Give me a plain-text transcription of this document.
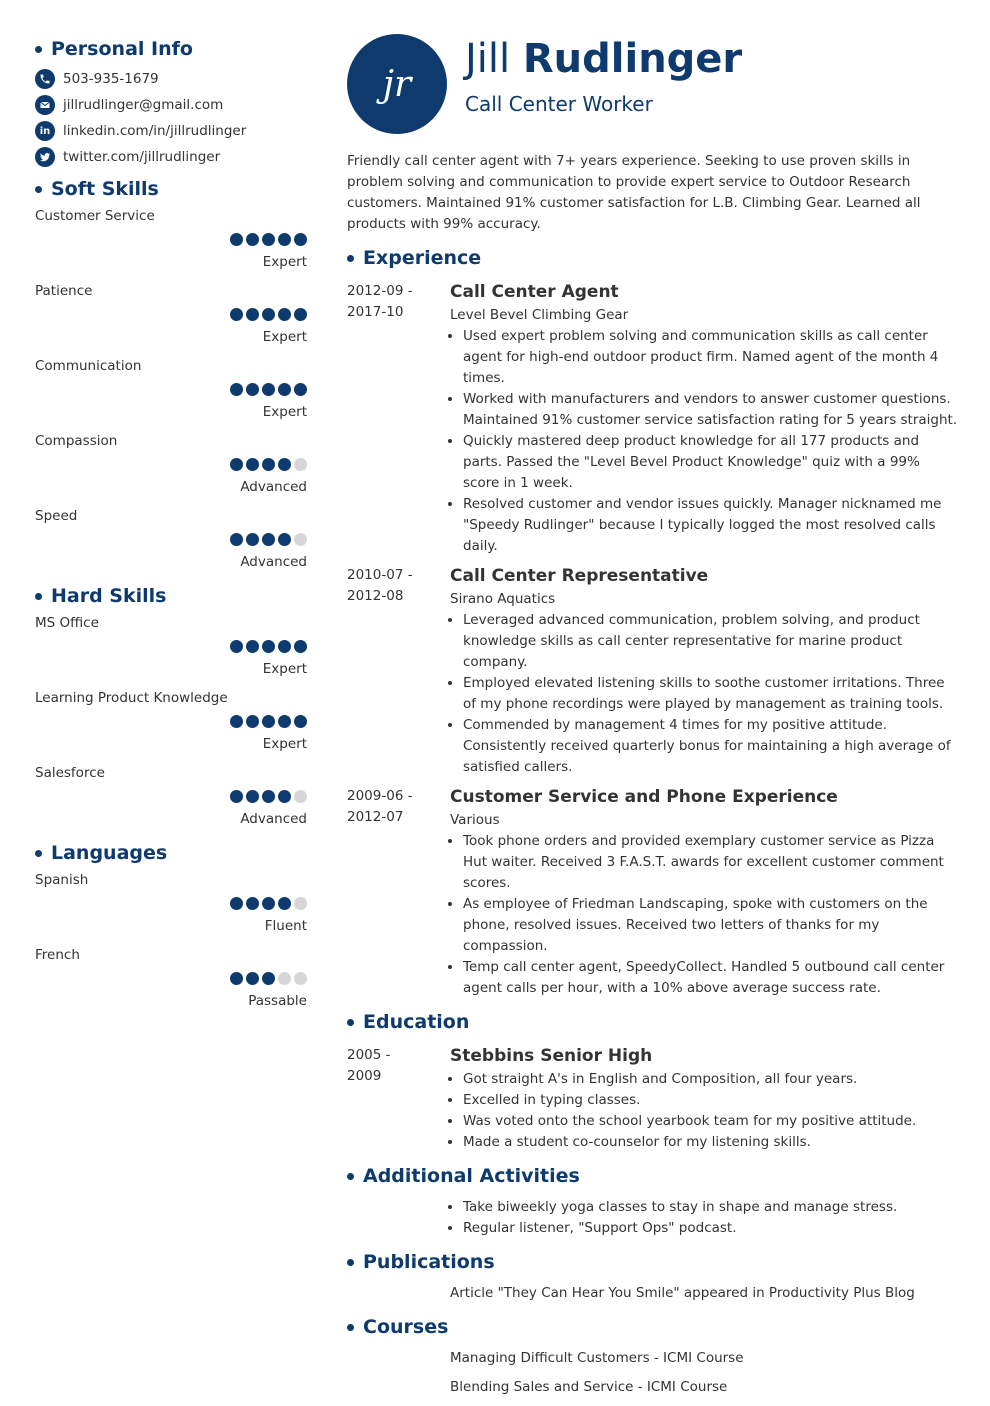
Personal Info
503-935-1679
jillrudlinger@gmail.com
in linkedin.com/in/jillrudlinger
twitter.com/jillrudlinger
Soft Skills
Customer Service
Expert
Patience
Expert
Communication
Expert
Compassion
Advanced
Speed
Advanced
Hard Skills
MS Office
Expert
Learning Product Knowledge
Expert
Salesforce
Advanced
Languages
Spanish
Fluent
French
Passable
jr
Jill Rudlinger
Call Center Worker
Friendly call center agent with 7+ years experience. Seeking to use proven skills in problem solving and communication to provide expert service to Outdoor Research customers. Maintained 91% customer satisfaction for L.B. Climbing Gear. Learned all products with 99% accuracy.
Experience
2012-09 -
2017-10
Call Center Agent
Level Bevel Climbing Gear
• Used expert problem solving and communication skills as call center agent for high-end outdoor product firm. Named agent of the month 4 times.
• Worked with manufacturers and vendors to answer customer questions. Maintained 91% customer service satisfaction rating for 5 years straight.
• Quickly mastered deep product knowledge for all 177 products and parts. Passed the "Level Bevel Product Knowledge" quiz with a 99% score in 1 week.
• Resolved customer and vendor issues quickly. Manager nicknamed me "Speedy Rudlinger" because I typically logged the most resolved calls daily.
2010-07 -
2012-08
Call Center Representative
Sirano Aquatics
• Leveraged advanced communication, problem solving, and product knowledge skills as call center representative for marine product company.
• Employed elevated listening skills to soothe customer irritations. Three of my phone recordings were played by management as training tools.
• Commended by management 4 times for my positive attitude. Consistently received quarterly bonus for maintaining a high average of satisfied callers.
2009-06 -
2012-07
Customer Service and Phone Experience
Various
• Took phone orders and provided exemplary customer service as Pizza Hut waiter. Received 3 F.A.S.T. awards for excellent customer comment scores.
• As employee of Friedman Landscaping, spoke with customers on the phone, resolved issues. Received two letters of thanks for my compassion.
• Temp call center agent, SpeedyCollect. Handled 5 outbound call center agent calls per hour, with a 10% above average success rate.
Education
2005 -
2009
Stebbins Senior High
• Got straight A's in English and Composition, all four years.
• Excelled in typing classes.
• Was voted onto the school yearbook team for my positive attitude.
• Made a student co-counselor for my listening skills.
Additional Activities
• Take biweekly yoga classes to stay in shape and manage stress.
• Regular listener, "Support Ops" podcast.
Publications
Article "They Can Hear You Smile" appeared in Productivity Plus Blog
Courses
Managing Difficult Customers - ICMI Course
Blending Sales and Service - ICMI Course
